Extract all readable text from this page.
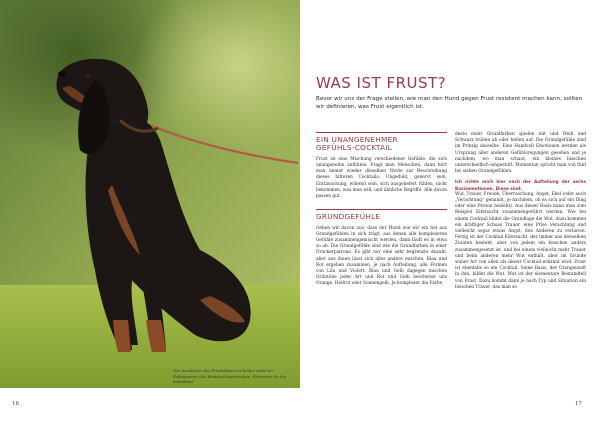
Der Ausdruck der Frustration ist leider nicht im Erbogramm des Hundes beschrieben. Erkennst du ihn trotzdem?
16
WAS IST FRUST?

Bevor wir uns der Frage stellen, wie man den Hund gegen Frust resistent machen kann, sollten wir definieren, was Frust eigentlich ist.

EIN UNANGENEHMER
GEFÜHLS-COCKTAIL

Frust ist eine Mischung verschiedener Gefühle, die sich unangenehm anfühlen. Fragt man Menschen, dann hört man immer wieder dieselben Worte zur Beschreibung dieses bitteren Cocktails: Ungeduld, genervt sein, Enttäuschung, wütend sein, sich ausgeliefert fühlen, nicht bekommen, was man will, und ähnliche Begriffe. Alle davon passen gut.

GRUNDGEFÜHLE

Gehen wir davon aus, dass der Hund wie wir ein Set aus Grundgefühlen in sich trägt, aus denen alle komplexeren Gefühle zusammengemischt werden, dann läuft es in etwa so ab. Die Grundgefühle sind wie die Grundfarben in einer Druckerpatrone. Es gibt nur eine sehr begrenzte Anzahl, aber aus ihnen lässt sich alles andere mischen. Blau und Rot ergeben zusammen, je nach Aufteilung, alle Formen von Lila und Violett. Blau und Gelb dagegen mischen Grüntöne jeder Art und Rot und Gelb bescheren uns Orange, Hellrot oder Sonnengelb. Je komplexer die Farbe,

desto mehr Grundfarben spielen mit und Weiß und Schwarz trüben ab oder hellen auf. Die Grundgefühle sind im Prinzip dasselbe. Eine Handvoll Emotionen werden als Ursprung aller anderen Gefühlsregungen gesehen und je nachdem, wo man schaut, ein kleines bisschen unterschiedlich eingestuft. Momentan spricht man von fünf bis sieben Grundgefühlen.

Ich richte mich hier nach der Aufteilung der sechs Basisemotionen. Diese sind:

Wut, Trauer, Freude, Überraschung, Angst, Ekel (oder auch „Verachtung“ genannt, je nachdem, ob es sich auf ein Ding oder eine Person bezieht). Aus dieser Basis kann man zum Beispiel Eifersucht zusammengerührt werden. Wie bei einem Cocktail bildet die Grundlage die Wut, dazu kommen ein kräftiger Schuss Trauer, eine Prise Verachtung und vielleicht sogar etwas Angst, den Anderen zu verlieren. Fertig ist der Cocktail Eifersucht, der immer aus denselben Zutaten besteht, aber von jedem ein bisschen anders zusammengesetzt ist, und bei einem vielleicht mehr Trauer und beim anderen mehr Wut enthält, aber im Grunde seiner Art von allen als dieser Cocktail erkannt wird. Frust ist ebenfalls so ein Cocktail. Seine Basis, der Orangensaft in ihm, bildet die Wut. Wut ist der elementare Bestandteil von Frust. Dazu kommt dann je nach Typ und Situation ein bisschen Trauer, das man so

17
